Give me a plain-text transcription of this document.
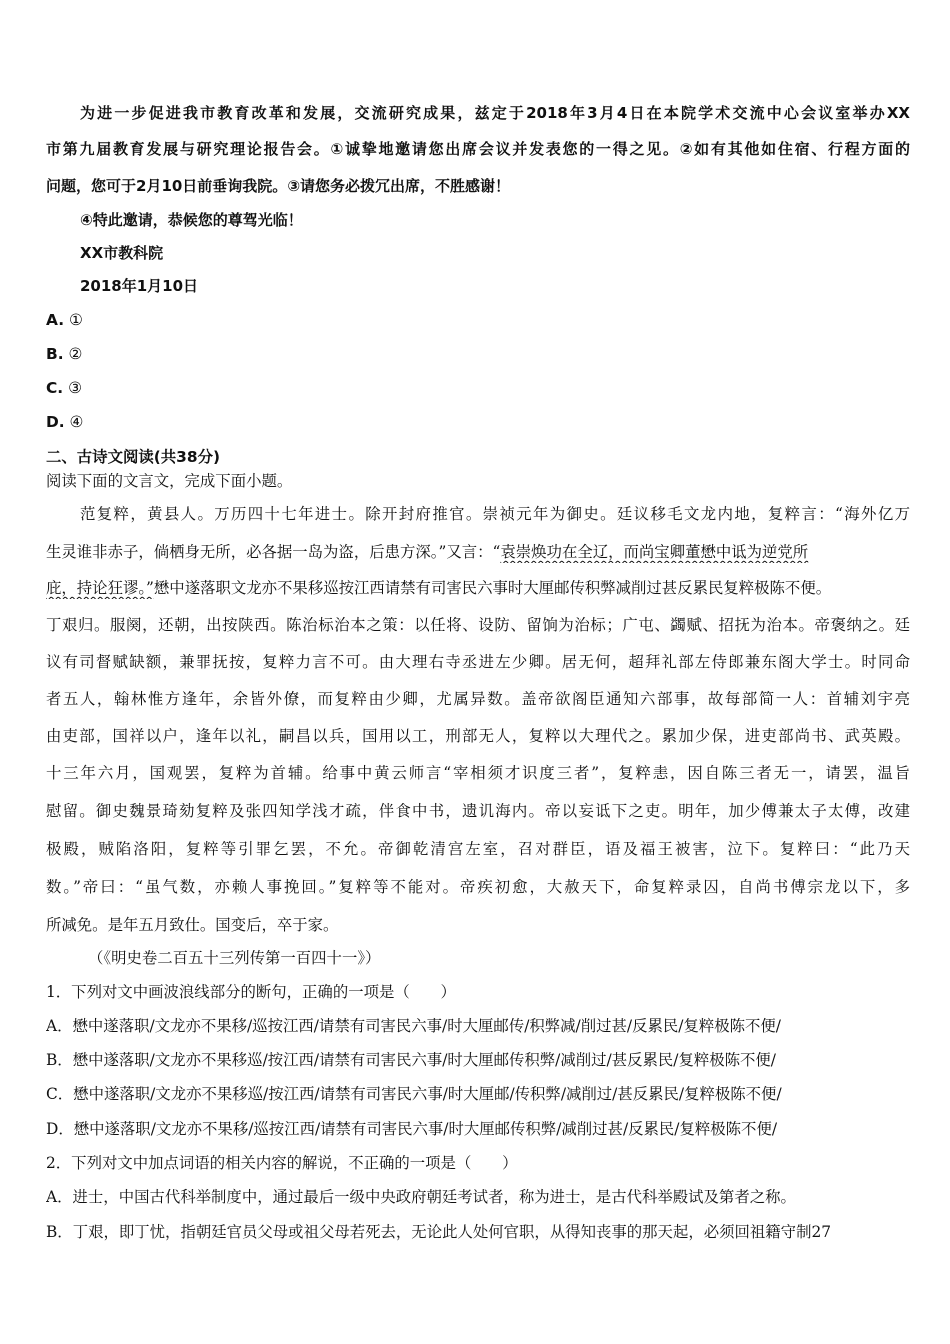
为进一步促进我市教育改革和发展，交流研究成果，兹定于2018年3月4日在本院学术交流中心会议室举办XX
市第九届教育发展与研究理论报告会。①诚挚地邀请您出席会议并发表您的一得之见。②如有其他如住宿、行程方面的
问题，您可于2月10日前垂询我院。③请您务必拨冗出席，不胜感谢！
④特此邀请，恭候您的尊驾光临！
XX市教科院
2018年1月10日
A. ①
B. ②
C. ③
D. ④
二、古诗文阅读(共38分)
阅读下面的文言文，完成下面小题。
范复粹，黄县人。万历四十七年进士。除开封府推官。崇祯元年为御史。廷议移毛文龙内地，复粹言：“海外亿万
生灵谁非赤子，倘栖身无所，必各据一岛为盗，后患方深。”又言：“袁崇焕功在全辽，而尚宝卿董懋中诋为逆党所
庇，持论狂谬。”懋中遂落职文龙亦不果移巡按江西请禁有司害民六事时大厘邮传积弊减削过甚反累民复粹极陈不便。
丁艰归。服阕，还朝，出按陕西。陈治标治本之策：以任将、设防、留饷为治标；广屯、蠲赋、招抚为治本。帝褒纳之。廷
议有司督赋缺额，兼罪抚按，复粹力言不可。由大理右寺丞进左少卿。居无何，超拜礼部左侍郎兼东阁大学士。时同命
者五人，翰林惟方逢年，余皆外僚，而复粹由少卿，尤属异数。盖帝欲阁臣通知六部事，故每部简一人：首辅刘宇亮
由吏部，国祥以户，逢年以礼，嗣昌以兵，国用以工，刑部无人，复粹以大理代之。累加少保，进吏部尚书、武英殿。
十三年六月，国观罢，复粹为首辅。给事中黄云师言“宰相须才识度三者”，复粹恚，因自陈三者无一，请罢，温旨
慰留。御史魏景琦劾复粹及张四知学浅才疏，伴食中书，遗讥海内。帝以妄诋下之吏。明年，加少傅兼太子太傅，改建
极殿，贼陷洛阳，复粹等引罪乞罢，不允。帝御乾清宫左室，召对群臣，语及福王被害，泣下。复粹曰：“此乃天
数。”帝曰：“虽气数，亦赖人事挽回。”复粹等不能对。帝疾初愈，大赦天下，命复粹录囚，自尚书傅宗龙以下，多
所减免。是年五月致仕。国变后，卒于家。
（《明史卷二百五十三列传第一百四十一》）
1．下列对文中画波浪线部分的断句，正确的一项是（　　）
A．懋中遂落职/文龙亦不果移/巡按江西/请禁有司害民六事/时大厘邮传/积弊减/削过甚/反累民/复粹极陈不便/
B．懋中遂落职/文龙亦不果移巡/按江西/请禁有司害民六事/时大厘邮传积弊/减削过/甚反累民/复粹极陈不便/
C．懋中遂落职/文龙亦不果移巡/按江西/请禁有司害民六事/时大厘邮/传积弊/减削过/甚反累民/复粹极陈不便/
D．懋中遂落职/文龙亦不果移/巡按江西/请禁有司害民六事/时大厘邮传积弊/减削过甚/反累民/复粹极陈不便/
2．下列对文中加点词语的相关内容的解说，不正确的一项是（　　）
A．进士，中国古代科举制度中，通过最后一级中央政府朝廷考试者，称为进士，是古代科举殿试及第者之称。
B．丁艰，即丁忧，指朝廷官员父母或祖父母若死去，无论此人处何官职，从得知丧事的那天起，必须回祖籍守制27
